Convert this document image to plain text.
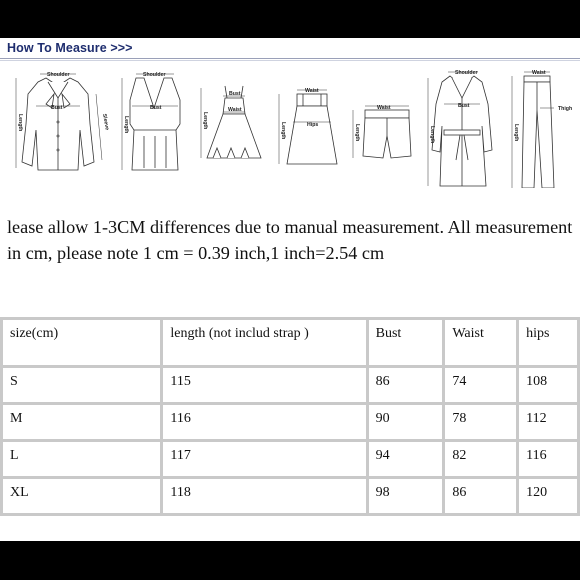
How To Measure >>>
Shoulder
Bust
Sleeve
Length
Shoulder
Bust
Length
Bust
Waist
Length
Waist
Hips
Length
Waist
Length
Shoulder
Bust
Length
Waist
Thigh
Length
lease allow 1-3CM differences due to manual measurement. All measurement in cm, please note 1 cm = 0.39 inch,1 inch=2.54 cm
size(cm)	length (not includ strap )	Bust	Waist	hips
S	115	86	74	108
M	116	90	78	112
L	117	94	82	116
XL	118	98	86	120
